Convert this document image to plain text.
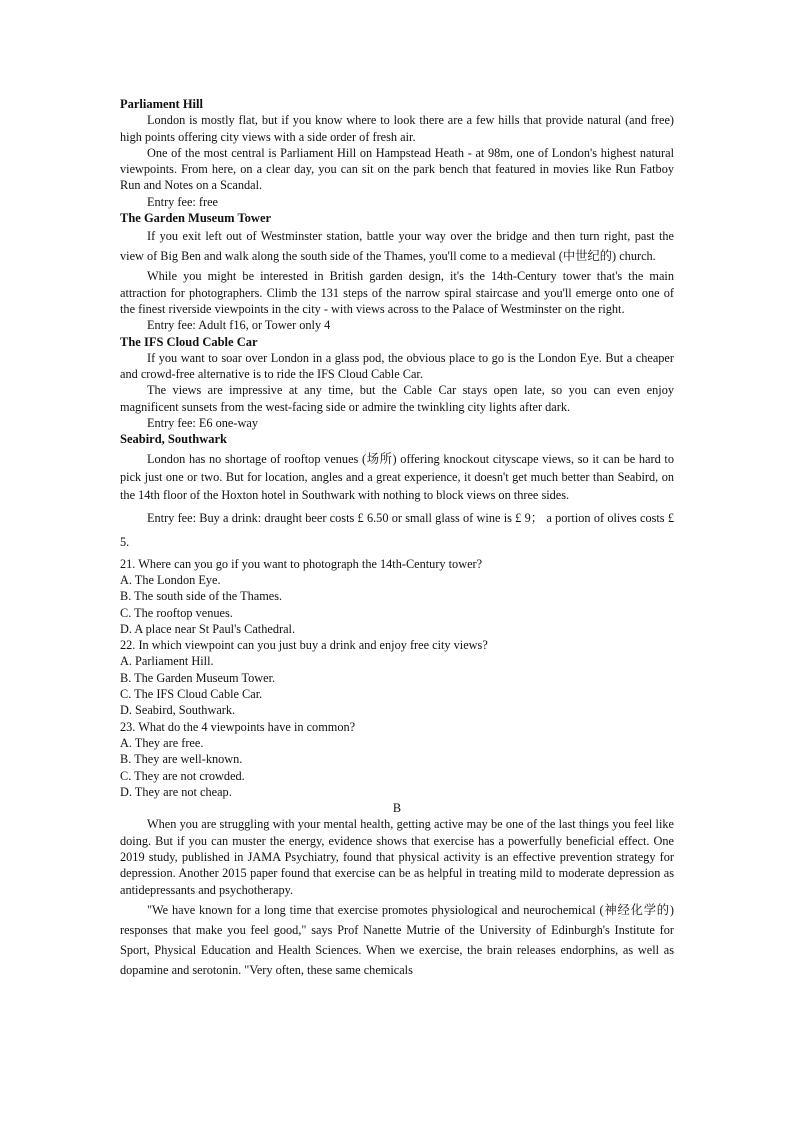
Parliament Hill

London is mostly flat, but if you know where to look there are a few hills that provide natural (and free) high points offering city views with a side order of fresh air.

One of the most central is Parliament Hill on Hampstead Heath - at 98m, one of London's highest natural viewpoints. From here, on a clear day, you can sit on the park bench that featured in movies like Run Fatboy Run and Notes on a Scandal.

Entry fee: free

The Garden Museum Tower

If you exit left out of Westminster station, battle your way over the bridge and then turn right, past the view of Big Ben and walk along the south side of the Thames, you'll come to a medieval (中世纪的) church.

While you might be interested in British garden design, it's the 14th-Century tower that's the main attraction for photographers. Climb the 131 steps of the narrow spiral staircase and you'll emerge onto one of the finest riverside viewpoints in the city - with views across to the Palace of Westminster on the right.

Entry fee: Adult f16, or Tower only 4

The IFS Cloud Cable Car

If you want to soar over London in a glass pod, the obvious place to go is the London Eye. But a cheaper and crowd-free alternative is to ride the IFS Cloud Cable Car.

The views are impressive at any time, but the Cable Car stays open late, so you can even enjoy magnificent sunsets from the west-facing side or admire the twinkling city lights after dark.

Entry fee: E6 one-way

Seabird, Southwark

London has no shortage of rooftop venues (场所) offering knockout cityscape views, so it can be hard to pick just one or two. But for location, angles and a great experience, it doesn't get much better than Seabird, on the 14th floor of the Hoxton hotel in Southwark with nothing to block views on three sides.

Entry fee: Buy a drink: draught beer costs £ 6.50 or small glass of wine is £ 9； a portion of olives costs £ 5.

21. Where can you go if you want to photograph the 14th-Century tower?

A. The London Eye.

B. The south side of the Thames.

C. The rooftop venues.

D. A place near St Paul's Cathedral.

22. In which viewpoint can you just buy a drink and enjoy free city views?

A. Parliament Hill.

B. The Garden Museum Tower.

C. The IFS Cloud Cable Car.

D. Seabird, Southwark.

23. What do the 4 viewpoints have in common?

A. They are free.

B. They are well-known.

C. They are not crowded.

D. They are not cheap.

B

When you are struggling with your mental health, getting active may be one of the last things you feel like doing. But if you can muster the energy, evidence shows that exercise has a powerfully beneficial effect. One 2019 study, published in JAMA Psychiatry, found that physical activity is an effective prevention strategy for depression. Another 2015 paper found that exercise can be as helpful in treating mild to moderate depression as antidepressants and psychotherapy.

"We have known for a long time that exercise promotes physiological and neurochemical (神经化学的) responses that make you feel good," says Prof Nanette Mutrie of the University of Edinburgh's Institute for Sport, Physical Education and Health Sciences. When we exercise, the brain releases endorphins, as well as dopamine and serotonin. "Very often, these same chemicals
